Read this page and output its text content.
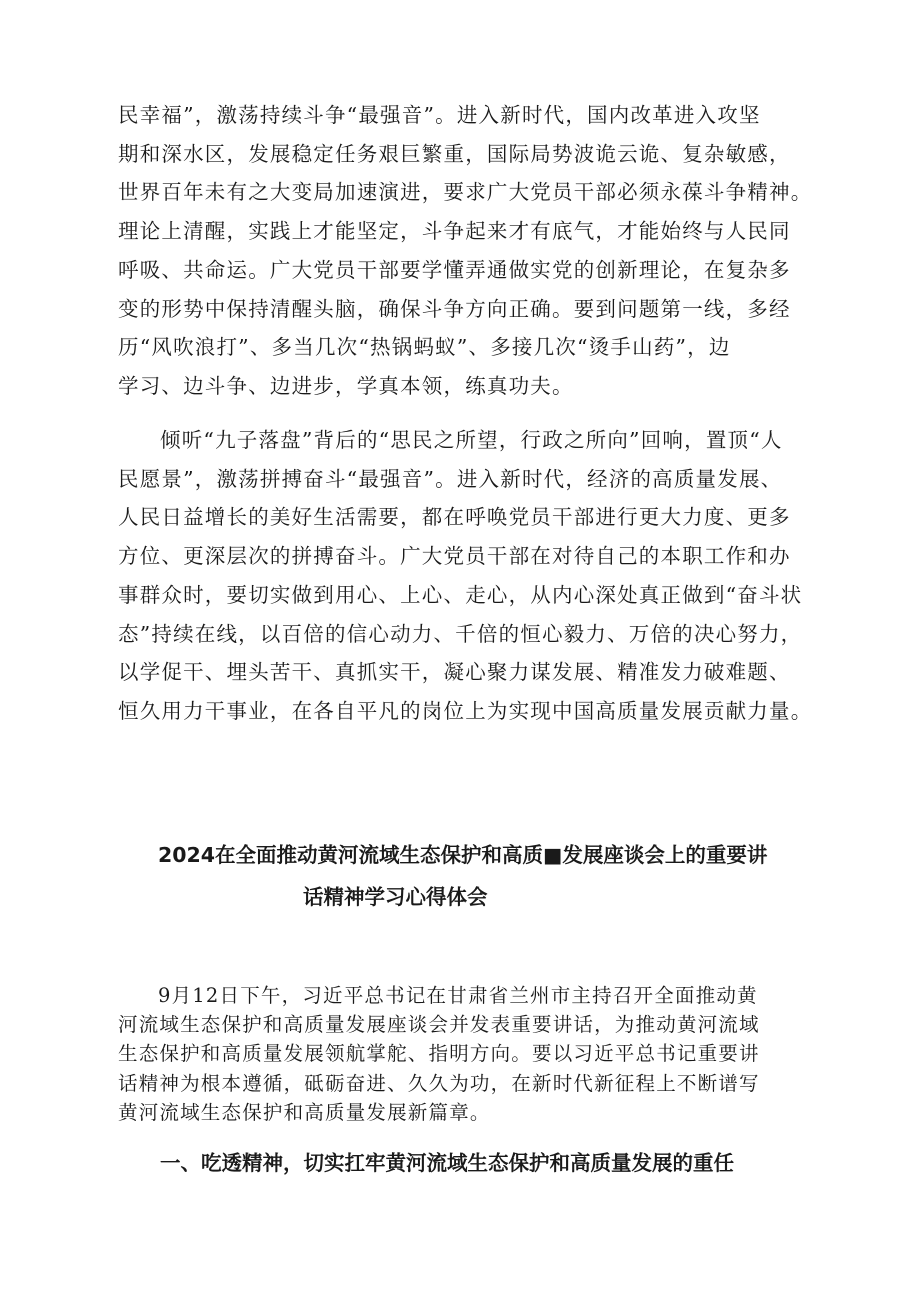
民幸福”，激荡持续斗争“最强音”。进入新时代，国内改革进入攻坚
期和深水区，发展稳定任务艰巨繁重，国际局势波诡云诡、复杂敏感，
世界百年未有之大变局加速演进，要求广大党员干部必须永葆斗争精神。
理论上清醒，实践上才能坚定，斗争起来才有底气，才能始终与人民同
呼吸、共命运。广大党员干部要学懂弄通做实党的创新理论，在复杂多
变的形势中保持清醒头脑，确保斗争方向正确。要到问题第一线，多经
历“风吹浪打”、多当几次“热锅蚂蚁”、多接几次“烫手山药”，边
学习、边斗争、边进步，学真本领，练真功夫。

倾听“九子落盘”背后的“思民之所望，行政之所向”回响，置顶“人
民愿景”，激荡拼搏奋斗“最强音”。进入新时代，经济的高质量发展、
人民日益增长的美好生活需要，都在呼唤党员干部进行更大力度、更多
方位、更深层次的拼搏奋斗。广大党员干部在对待自己的本职工作和办
事群众时，要切实做到用心、上心、走心，从内心深处真正做到“奋斗状
态”持续在线，以百倍的信心动力、千倍的恒心毅力、万倍的决心努力，
以学促干、埋头苦干、真抓实干，凝心聚力谋发展、精准发力破难题、
恒久用力干事业，在各自平凡的岗位上为实现中国高质量发展贡献力量。

2024在全面推动黄河流域生态保护和高质■发展座谈会上的重要讲
话精神学习心得体会

9月12日下午，习近平总书记在甘肃省兰州市主持召开全面推动黄
河流域生态保护和高质量发展座谈会并发表重要讲话，为推动黄河流域
生态保护和高质量发展领航掌舵、指明方向。要以习近平总书记重要讲
话精神为根本遵循，砥砺奋进、久久为功，在新时代新征程上不断谱写
黄河流域生态保护和高质量发展新篇章。

一、吃透精神，切实扛牢黄河流域生态保护和高质量发展的重任
